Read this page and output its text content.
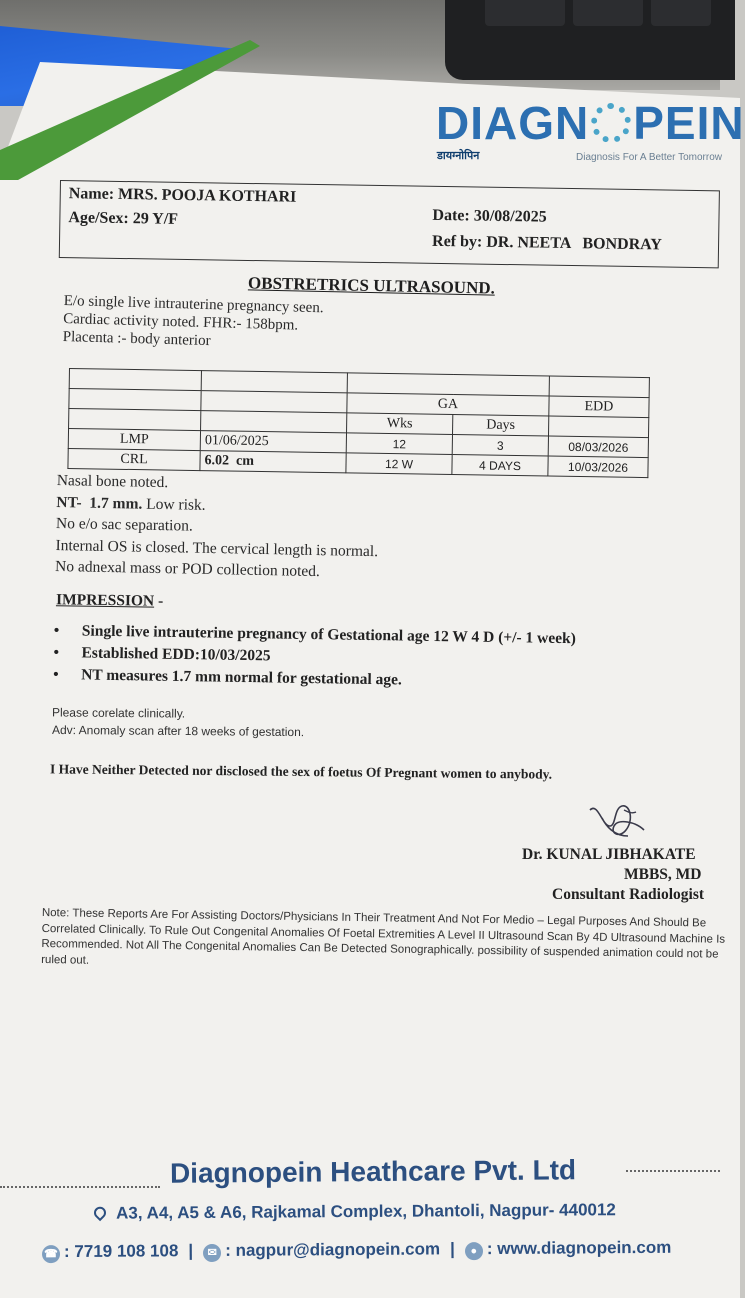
DIAGN PEIN
डायग्नोपिन	Diagnosis For A Better Tomorrow
Name: MRS. POOJA KOTHARI
Age/Sex: 29 Y/F	Date: 30/08/2025
Ref by: DR. NEETA   BONDRAY
OBSTRETRICS ULTRASOUND.
E/o single live intrauterine pregnancy seen.
Cardiac activity noted. FHR:- 158bpm.
Placenta :- body anterior

		GA		EDD
		Wks	Days	
LMP	01/06/2025	12	3	08/03/2026
CRL	6.02  cm	12 W	4 DAYS	10/03/2026
Nasal bone noted.
NT-  1.7 mm. Low risk.
No e/o sac separation.
Internal OS is closed. The cervical length is normal.
No adnexal mass or POD collection noted.
IMPRESSION -
• Single live intrauterine pregnancy of Gestational age 12 W 4 D (+/- 1 week)
• Established EDD:10/03/2025
• NT measures 1.7 mm normal for gestational age.
Please corelate clinically.
Adv: Anomaly scan after 18 weeks of gestation.
I Have Neither Detected nor disclosed the sex of foetus Of Pregnant women to anybody.
Dr. KUNAL JIBHAKATE
MBBS, MD
Consultant Radiologist
Note: These Reports Are For Assisting Doctors/Physicians In Their Treatment And Not For Medio – Legal Purposes And Should Be Correlated Clinically. To Rule Out Congenital Anomalies Of Foetal Extremities A Level II Ultrasound Scan By 4D Ultrasound Machine Is Recommended. Not All The Congenital Anomalies Can Be Detected Sonographically. possibility of suspended animation could not be ruled out.
Diagnopein Heathcare Pvt. Ltd
A3, A4, A5 & A6, Rajkamal Complex, Dhantoli, Nagpur- 440012
☎ : 7719 108 108 | ✉ : nagpur@diagnopein.com | ● : www.diagnopein.com
